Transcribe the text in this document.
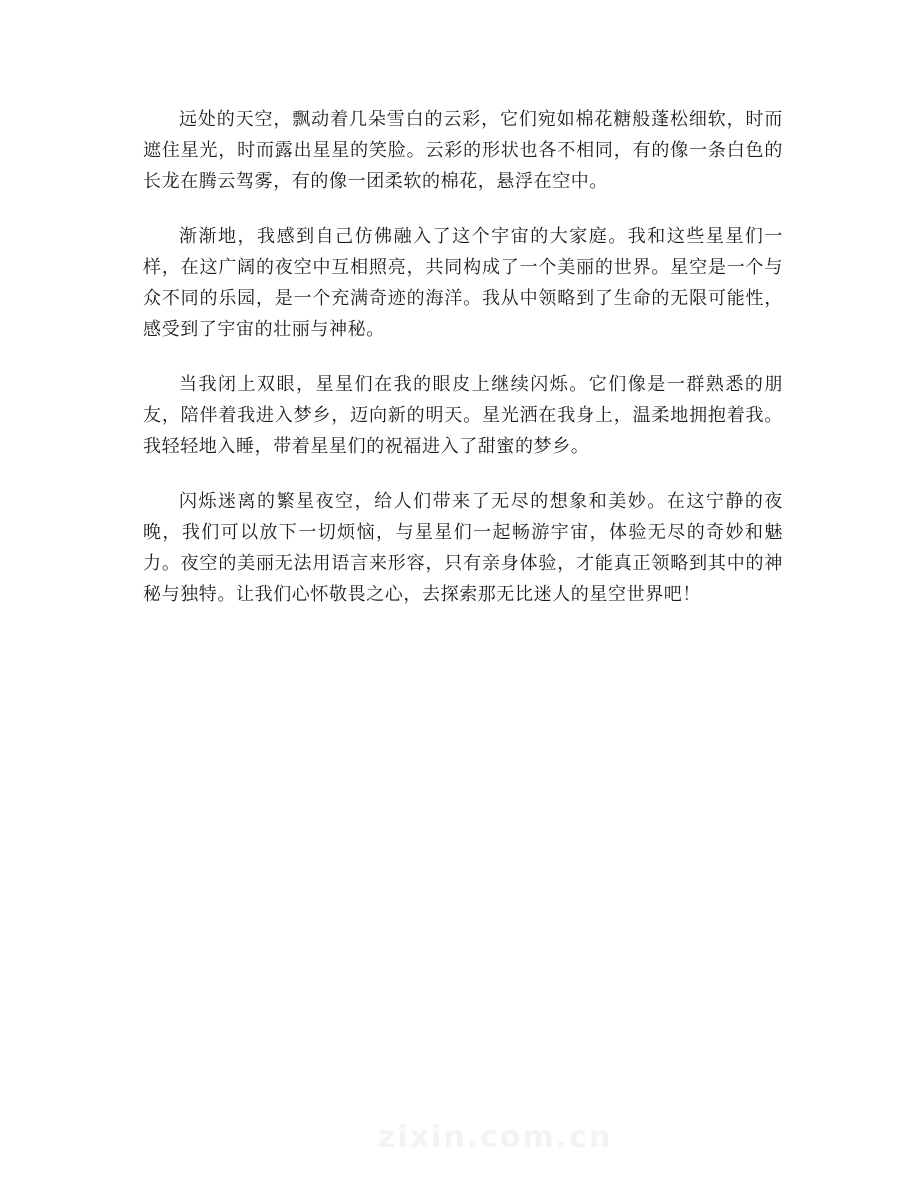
远处的天空，飘动着几朵雪白的云彩，它们宛如棉花糖般蓬松细软，时而遮住星光，时而露出星星的笑脸。云彩的形状也各不相同，有的像一条白色的长龙在腾云驾雾，有的像一团柔软的棉花，悬浮在空中。

渐渐地，我感到自己仿佛融入了这个宇宙的大家庭。我和这些星星们一样，在这广阔的夜空中互相照亮，共同构成了一个美丽的世界。星空是一个与众不同的乐园，是一个充满奇迹的海洋。我从中领略到了生命的无限可能性，感受到了宇宙的壮丽与神秘。

当我闭上双眼，星星们在我的眼皮上继续闪烁。它们像是一群熟悉的朋友，陪伴着我进入梦乡，迈向新的明天。星光洒在我身上，温柔地拥抱着我。我轻轻地入睡，带着星星们的祝福进入了甜蜜的梦乡。

闪烁迷离的繁星夜空，给人们带来了无尽的想象和美妙。在这宁静的夜晚，我们可以放下一切烦恼，与星星们一起畅游宇宙，体验无尽的奇妙和魅力。夜空的美丽无法用语言来形容，只有亲身体验，才能真正领略到其中的神秘与独特。让我们心怀敬畏之心，去探索那无比迷人的星空世界吧！

zixin.com.cn
